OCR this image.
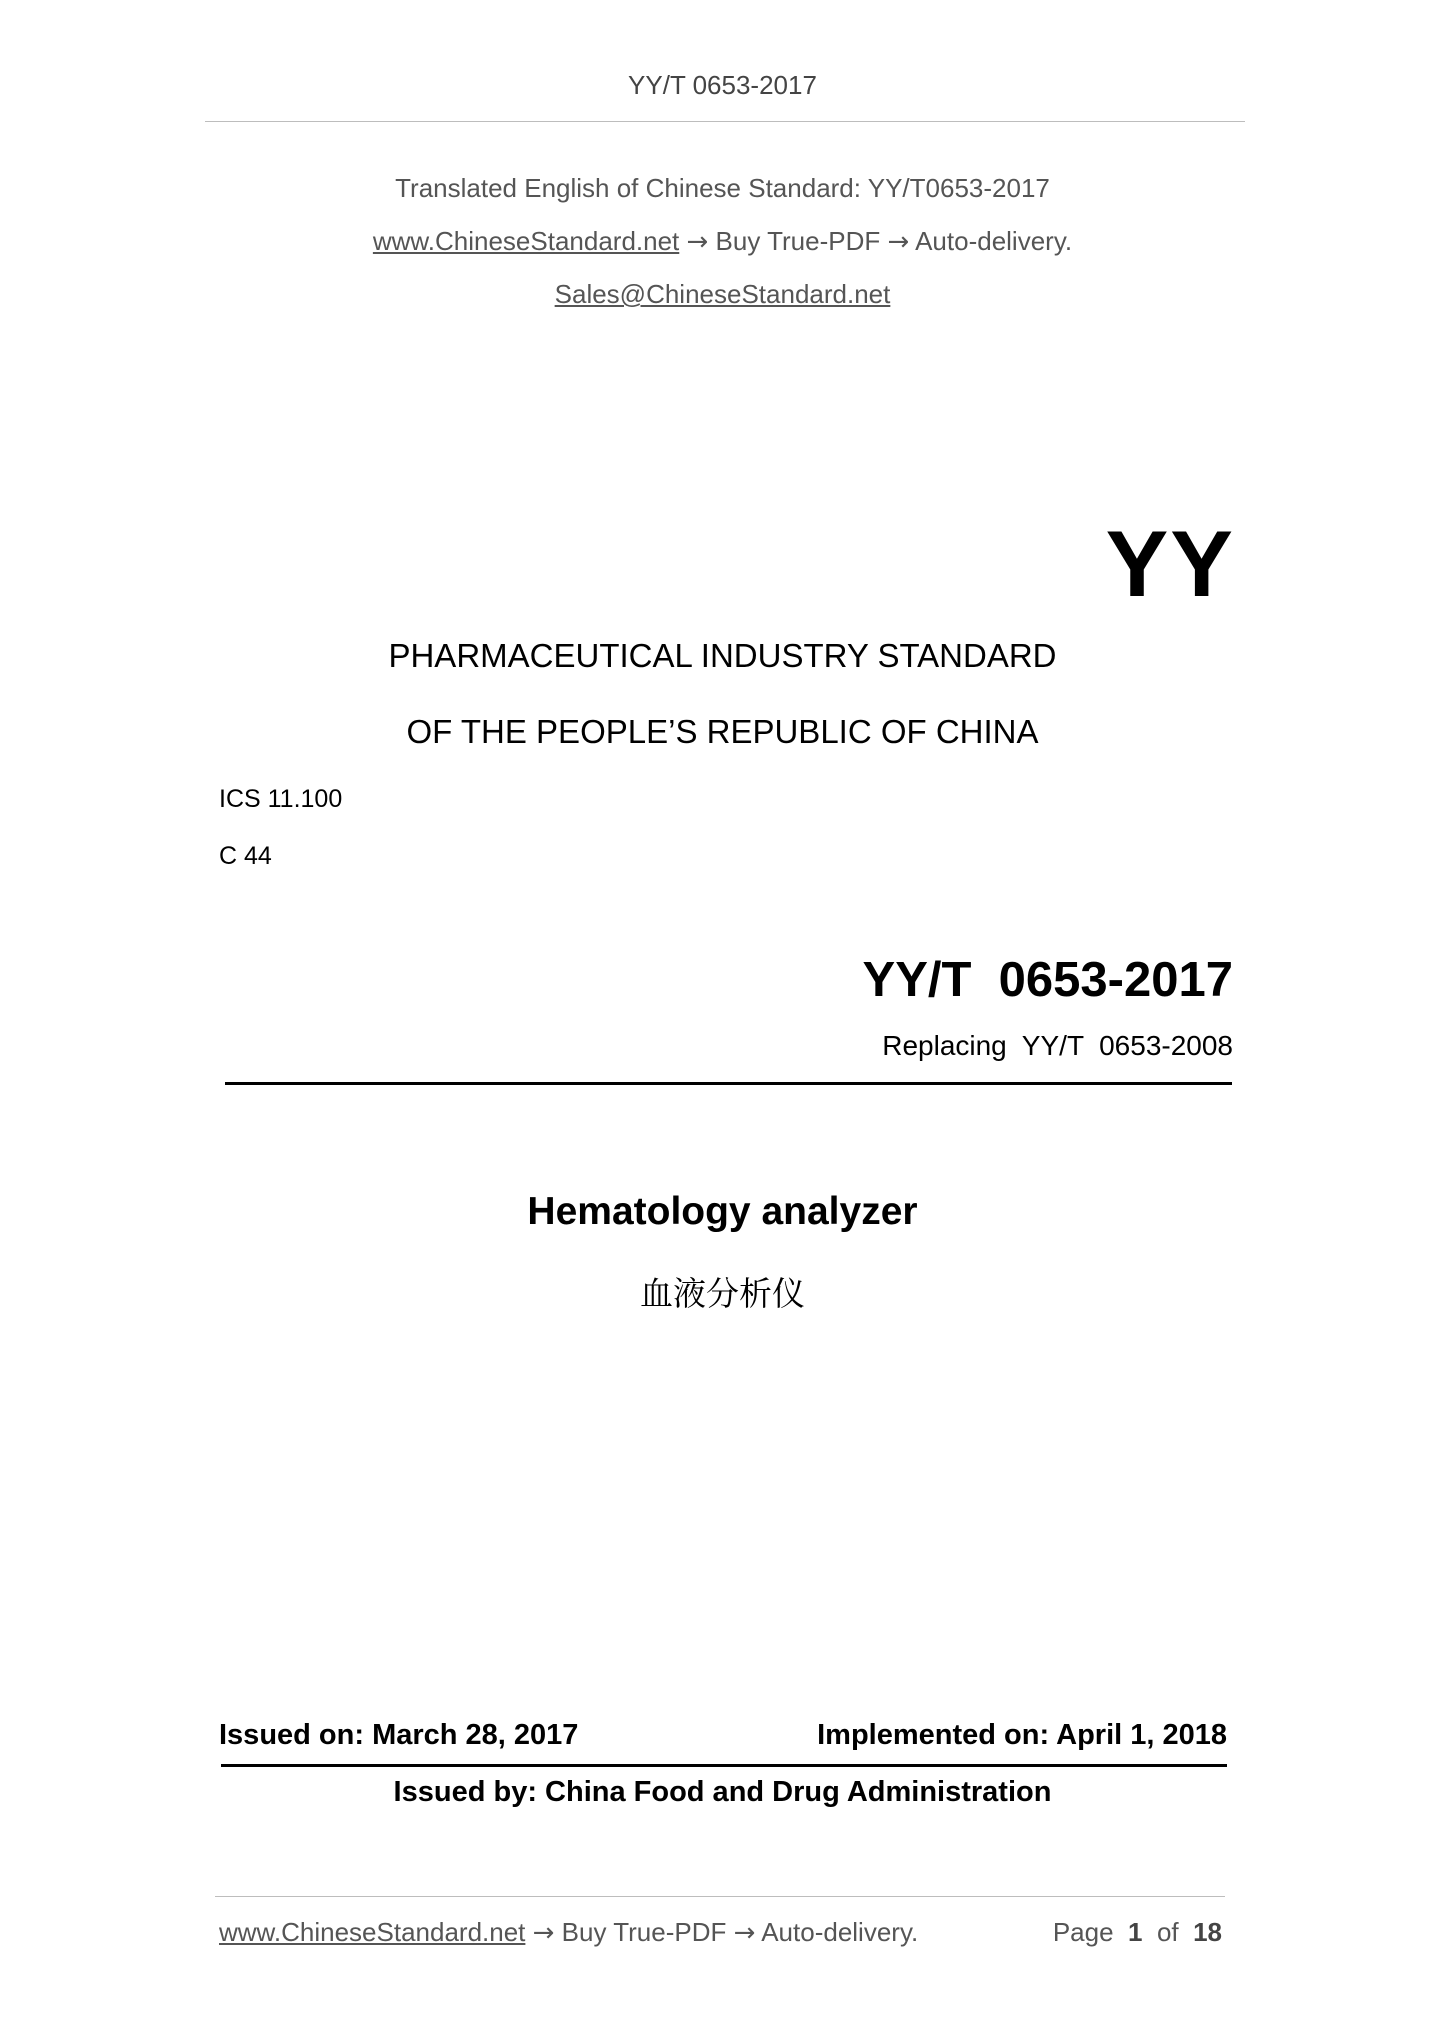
YY/T 0653-2017
Translated English of Chinese Standard: YY/T0653-2017
www.ChineseStandard.net → Buy True-PDF → Auto-delivery.
Sales@ChineseStandard.net
YY
PHARMACEUTICAL INDUSTRY STANDARD
OF THE PEOPLE’S REPUBLIC OF CHINA
ICS 11.100
C 44
YY/T  0653-2017
Replacing  YY/T  0653-2008
Hematology analyzer
血液分析仪
Issued on: March 28, 2017	Implemented on: April 1, 2018
Issued by: China Food and Drug Administration
www.ChineseStandard.net → Buy True-PDF → Auto-delivery.	Page 1 of 18
